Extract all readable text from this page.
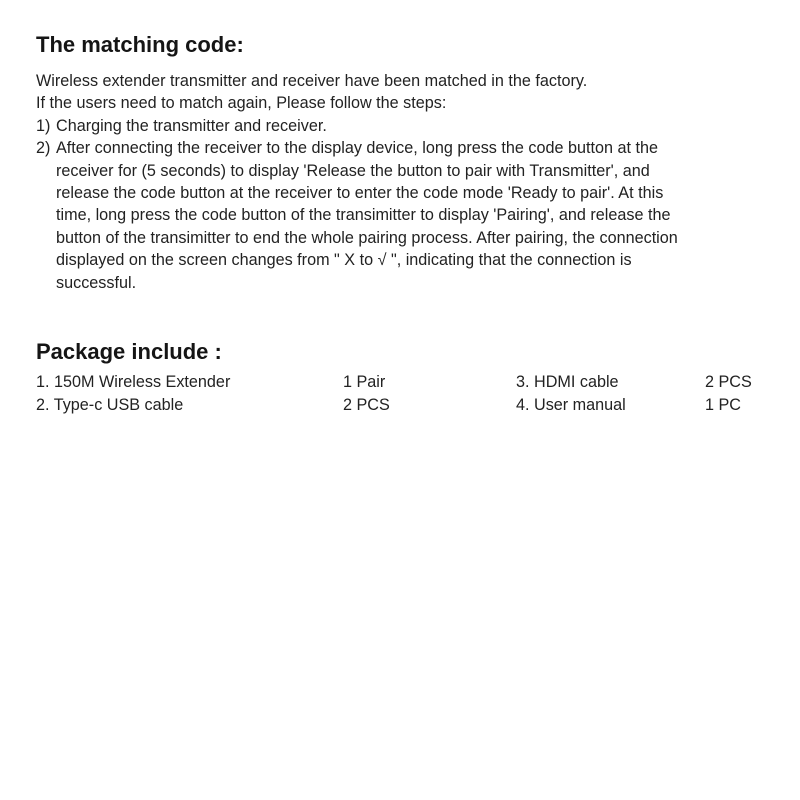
The matching code:

Wireless extender transmitter and receiver have been matched in the factory.

If the users need to match again, Please follow the steps:

1) Charging the transmitter and receiver.
2) After connecting the receiver to the display device, long press the code button at the
receiver for (5 seconds) to display 'Release the button to pair with Transmitter', and
release the code button at the receiver to enter the code mode 'Ready to pair'. At this
time, long press the code button of the transimitter to display 'Pairing', and release the
button of the transimitter to end the whole pairing process. After pairing, the connection
displayed on the screen changes from " X to √ ", indicating that the connection is
successful.
Package include :
1. 150M Wireless Extender	1 Pair	3. HDMI cable	2 PCS
2. Type-c USB cable	2 PCS	4. User manual	1 PC
